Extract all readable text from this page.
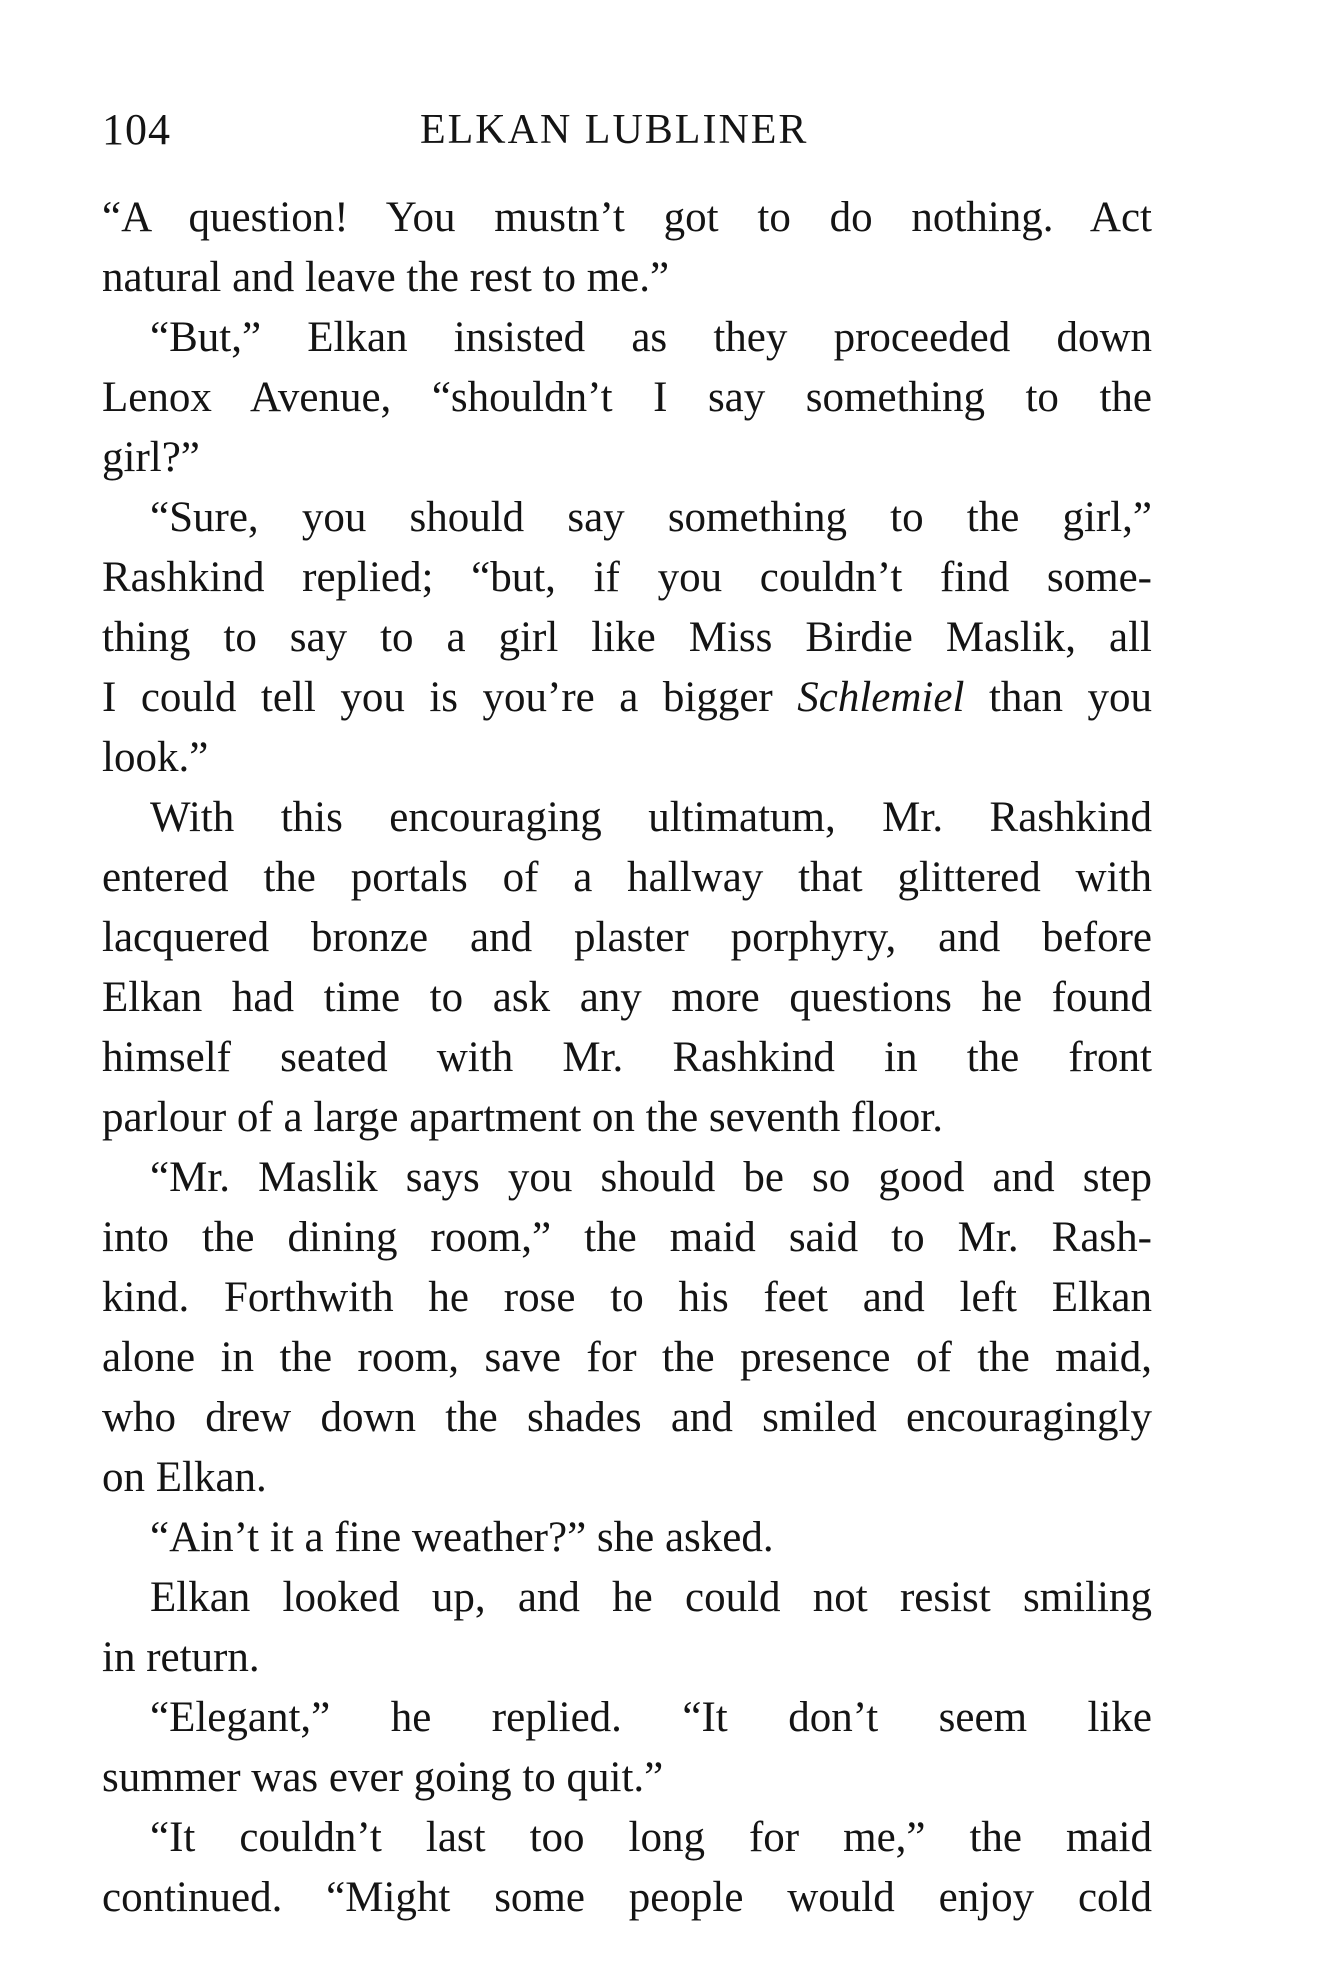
104	ELKAN LUBLINER
“A question! You mustn’t got to do nothing. Act
natural and leave the rest to me.”
“But,” Elkan insisted as they proceeded down
Lenox Avenue, “shouldn’t I say something to the
girl?”
“Sure, you should say something to the girl,”
Rashkind replied; “but, if you couldn’t find some-
thing to say to a girl like Miss Birdie Maslik, all
I could tell you is you’re a bigger Schlemiel than you
look.”
With this encouraging ultimatum, Mr. Rashkind
entered the portals of a hallway that glittered with
lacquered bronze and plaster porphyry, and before
Elkan had time to ask any more questions he found
himself seated with Mr. Rashkind in the front
parlour of a large apartment on the seventh floor.
“Mr. Maslik says you should be so good and step
into the dining room,” the maid said to Mr. Rash-
kind. Forthwith he rose to his feet and left Elkan
alone in the room, save for the presence of the maid,
who drew down the shades and smiled encouragingly
on Elkan.
“Ain’t it a fine weather?” she asked.
Elkan looked up, and he could not resist smiling
in return.
“Elegant,” he replied. “It don’t seem like
summer was ever going to quit.”
“It couldn’t last too long for me,” the maid
continued. “Might some people would enjoy cold
